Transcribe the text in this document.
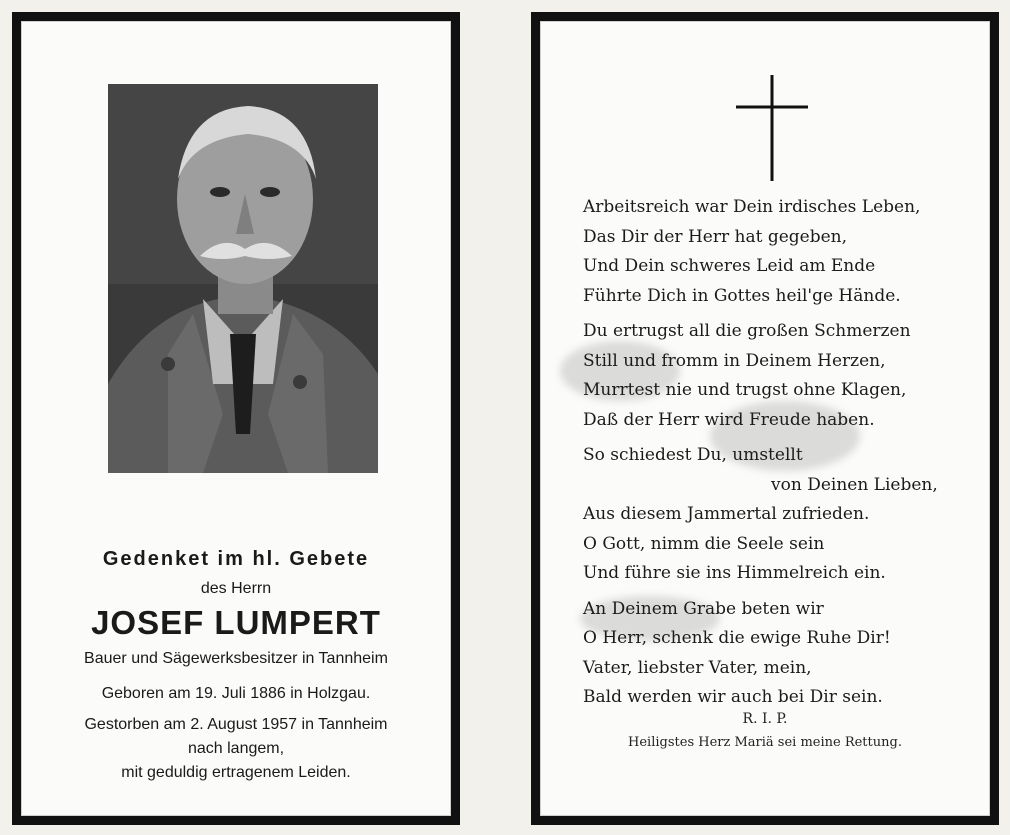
Gedenket im hl. Gebete
des Herrn
JOSEF LUMPERT
Bauer und Sägewerksbesitzer in Tannheim
Geboren am 19. Juli 1886 in Holzgau.
Gestorben am 2. August 1957 in Tannheim
nach langem,
mit geduldig ertragenem Leiden.
Arbeitsreich war Dein irdisches Leben,
Das Dir der Herr hat gegeben,
Und Dein schweres Leid am Ende
Führte Dich in Gottes heil'ge Hände.
Du ertrugst all die großen Schmerzen
Still und fromm in Deinem Herzen,
Murrtest nie und trugst ohne Klagen,
Daß der Herr wird Freude haben.
So schiedest Du, umstellt
von Deinen Lieben,
Aus diesem Jammertal zufrieden.
O Gott, nimm die Seele sein
Und führe sie ins Himmelreich ein.
An Deinem Grabe beten wir
O Herr, schenk die ewige Ruhe Dir!
Vater, liebster Vater, mein,
Bald werden wir auch bei Dir sein.
R. I. P.
Heiligstes Herz Mariä sei meine Rettung.
